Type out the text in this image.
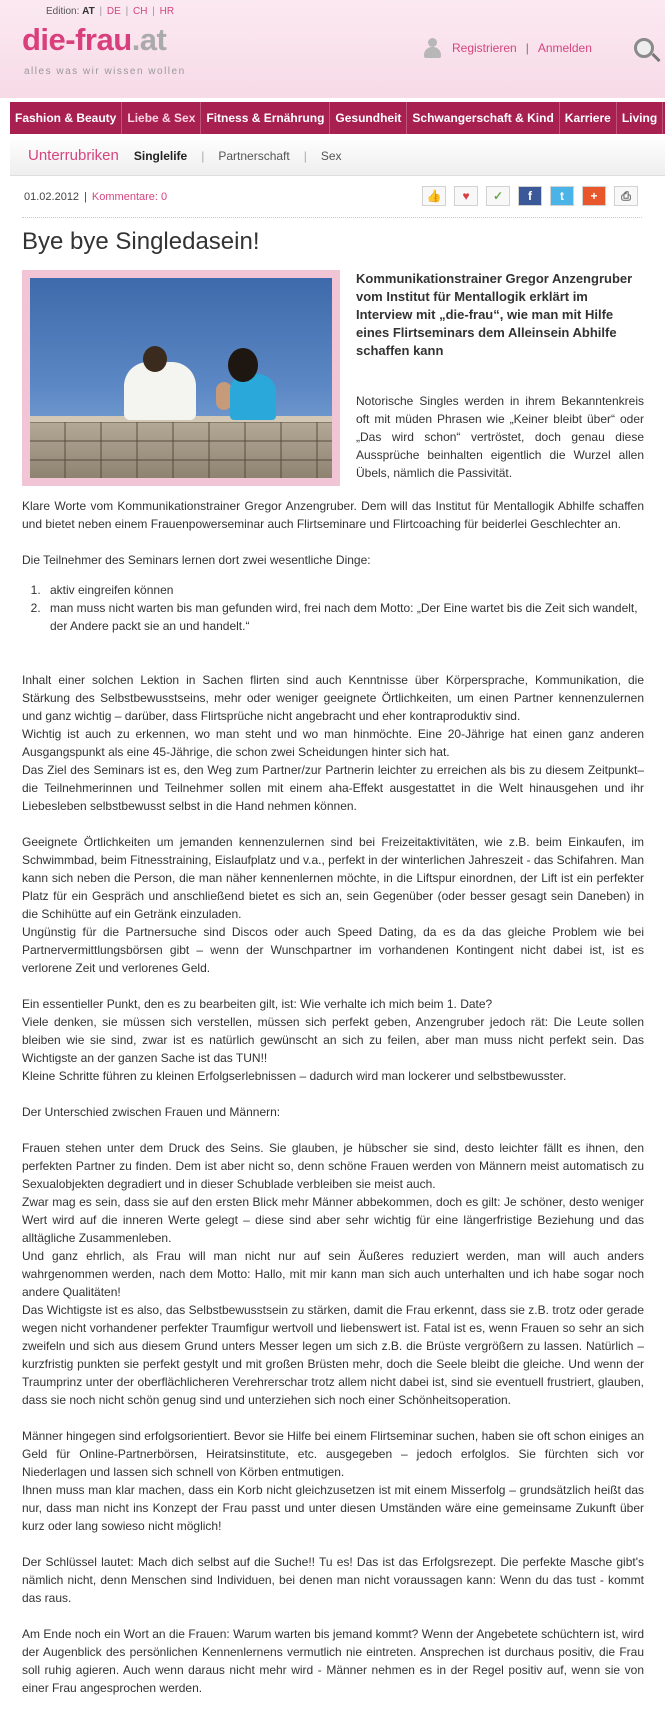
Edition: AT | DE | CH | HR
die-frau.at
alles was wir wissen wollen
Registrieren | Anmelden
Fashion & Beauty Liebe & Sex Fitness & Ernährung Gesundheit Schwangerschaft & Kind Karriere Living
Unterrubriken Singlelife | Partnerschaft | Sex
01.02.2012 | Kommentare: 0	👍	♥	✓	f	t	+	⎙
Bye bye Singledasein!
Kommunikationstrainer Gregor Anzengruber vom Institut für Mentallogik erklärt im Interview mit „die-frau“, wie man mit Hilfe eines Flirtseminars dem Alleinsein Abhilfe schaffen kann

Notorische Singles werden in ihrem Bekanntenkreis oft mit müden Phrasen wie „Keiner bleibt über“ oder „Das wird schon“ vertröstet, doch genau diese Aussprüche beinhalten eigentlich die Wurzel allen Übels, nämlich die Passivität.

Klare Worte vom Kommunikationstrainer Gregor Anzengruber. Dem will das Institut für Mentallogik Abhilfe schaffen und bietet neben einem Frauenpowerseminar auch Flirtseminare und Flirtcoaching für beiderlei Geschlechter an.

Die Teilnehmer des Seminars lernen dort zwei wesentliche Dinge:

1. aktiv eingreifen können
2. man muss nicht warten bis man gefunden wird, frei nach dem Motto: „Der Eine wartet bis die Zeit sich wandelt, der Andere packt sie an und handelt.“

Inhalt einer solchen Lektion in Sachen flirten sind auch Kenntnisse über Körpersprache, Kommunikation, die Stärkung des Selbstbewusstseins, mehr oder weniger geeignete Örtlichkeiten, um einen Partner kennenzulernen und ganz wichtig – darüber, dass Flirtsprüche nicht angebracht und eher kontraproduktiv sind.

Wichtig ist auch zu erkennen, wo man steht und wo man hinmöchte. Eine 20-Jährige hat einen ganz anderen Ausgangspunkt als eine 45-Jährige, die schon zwei Scheidungen hinter sich hat.

Das Ziel des Seminars ist es, den Weg zum Partner/zur Partnerin leichter zu erreichen als bis zu diesem Zeitpunkt– die Teilnehmerinnen und Teilnehmer sollen mit einem aha-Effekt ausgestattet in die Welt hinausgehen und ihr Liebesleben selbstbewusst selbst in die Hand nehmen können.

Geeignete Örtlichkeiten um jemanden kennenzulernen sind bei Freizeitaktivitäten, wie z.B. beim Einkaufen, im Schwimmbad, beim Fitnesstraining, Eislaufplatz und v.a., perfekt in der winterlichen Jahreszeit - das Schifahren. Man kann sich neben die Person, die man näher kennenlernen möchte, in die Liftspur einordnen, der Lift ist ein perfekter Platz für ein Gespräch und anschließend bietet es sich an, sein Gegenüber (oder besser gesagt sein Daneben) in die Schihütte auf ein Getränk einzuladen.

Ungünstig für die Partnersuche sind Discos oder auch Speed Dating, da es da das gleiche Problem wie bei Partnervermittlungsbörsen gibt – wenn der Wunschpartner im vorhandenen Kontingent nicht dabei ist, ist es verlorene Zeit und verlorenes Geld.

Ein essentieller Punkt, den es zu bearbeiten gilt, ist: Wie verhalte ich mich beim 1. Date?

Viele denken, sie müssen sich verstellen, müssen sich perfekt geben, Anzengruber jedoch rät: Die Leute sollen bleiben wie sie sind, zwar ist es natürlich gewünscht an sich zu feilen, aber man muss nicht perfekt sein. Das Wichtigste an der ganzen Sache ist das TUN!!

Kleine Schritte führen zu kleinen Erfolgserlebnissen – dadurch wird man lockerer und selbstbewusster.

Der Unterschied zwischen Frauen und Männern:

Frauen stehen unter dem Druck des Seins. Sie glauben, je hübscher sie sind, desto leichter fällt es ihnen, den perfekten Partner zu finden. Dem ist aber nicht so, denn schöne Frauen werden von Männern meist automatisch zu Sexualobjekten degradiert und in dieser Schublade verbleiben sie meist auch.

Zwar mag es sein, dass sie auf den ersten Blick mehr Männer abbekommen, doch es gilt: Je schöner, desto weniger Wert wird auf die inneren Werte gelegt – diese sind aber sehr wichtig für eine längerfristige Beziehung und das alltägliche Zusammenleben.

Und ganz ehrlich, als Frau will man nicht nur auf sein Äußeres reduziert werden, man will auch anders wahrgenommen werden, nach dem Motto: Hallo, mit mir kann man sich auch unterhalten und ich habe sogar noch andere Qualitäten!

Das Wichtigste ist es also, das Selbstbewusstsein zu stärken, damit die Frau erkennt, dass sie z.B. trotz oder gerade wegen nicht vorhandener perfekter Traumfigur wertvoll und liebenswert ist. Fatal ist es, wenn Frauen so sehr an sich zweifeln und sich aus diesem Grund unters Messer legen um sich z.B. die Brüste vergrößern zu lassen. Natürlich – kurzfristig punkten sie perfekt gestylt und mit großen Brüsten mehr, doch die Seele bleibt die gleiche. Und wenn der Traumprinz unter der oberflächlicheren Verehrerschar trotz allem nicht dabei ist, sind sie eventuell frustriert, glauben, dass sie noch nicht schön genug sind und unterziehen sich noch einer Schönheitsoperation.

Männer hingegen sind erfolgsorientiert. Bevor sie Hilfe bei einem Flirtseminar suchen, haben sie oft schon einiges an Geld für Online-Partnerbörsen, Heiratsinstitute, etc. ausgegeben – jedoch erfolglos. Sie fürchten sich vor Niederlagen und lassen sich schnell von Körben entmutigen.

Ihnen muss man klar machen, dass ein Korb nicht gleichzusetzen ist mit einem Misserfolg – grundsätzlich heißt das nur, dass man nicht ins Konzept der Frau passt und unter diesen Umständen wäre eine gemeinsame Zukunft über kurz oder lang sowieso nicht möglich!

Der Schlüssel lautet: Mach dich selbst auf die Suche!! Tu es! Das ist das Erfolgsrezept. Die perfekte Masche gibt's nämlich nicht, denn Menschen sind Individuen, bei denen man nicht voraussagen kann: Wenn du das tust - kommt das raus.

Am Ende noch ein Wort an die Frauen: Warum warten bis jemand kommt? Wenn der Angebetete schüchtern ist, wird der Augenblick des persönlichen Kennenlernens vermutlich nie eintreten. Ansprechen ist durchaus positiv, die Frau soll ruhig agieren. Auch wenn daraus nicht mehr wird - Männer nehmen es in der Regel positiv auf, wenn sie von einer Frau angesprochen werden.
